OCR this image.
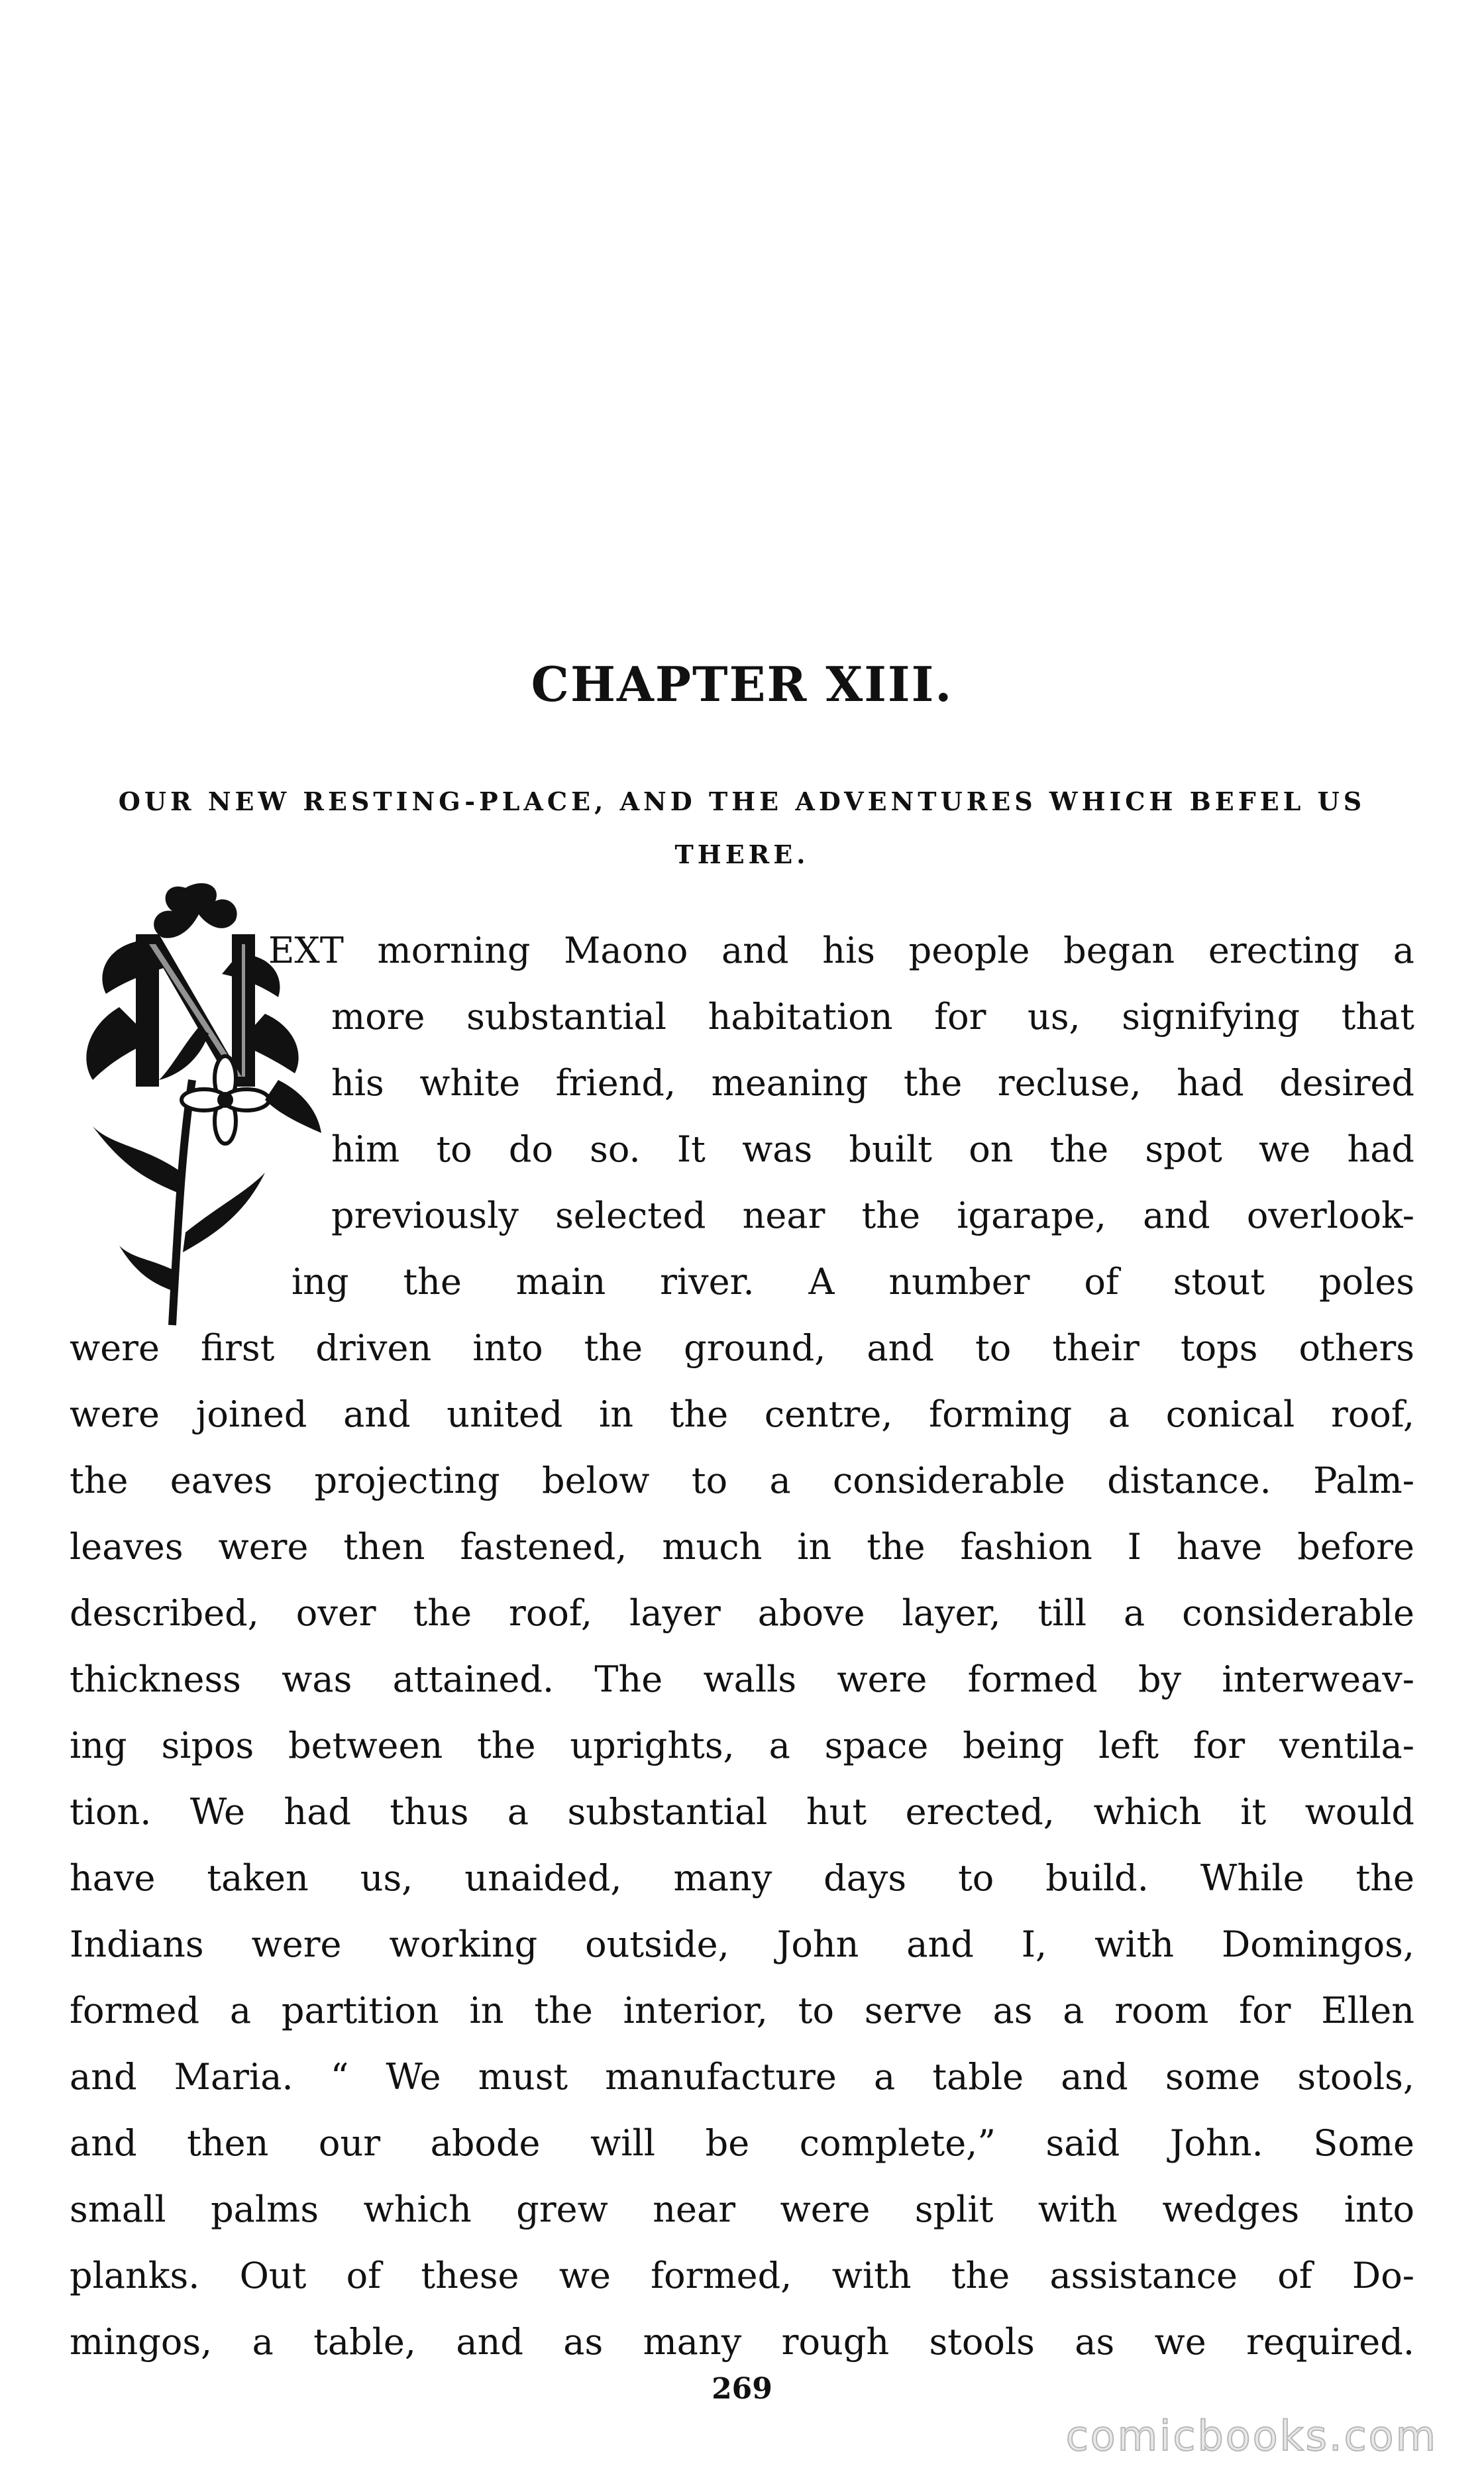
CHAPTER XIII.
OUR NEW RESTING-PLACE, AND THE ADVENTURES WHICH BEFEL US
THERE.
EXT morning Maono and his people began erecting a
more substantial habitation for us, signifying that
his white friend, meaning the recluse, had desired
him to do so. It was built on the spot we had
previously selected near the igarape, and overlook-
ing the main river. A number of stout poles
were first driven into the ground, and to their tops others
were joined and united in the centre, forming a conical roof,
the eaves projecting below to a considerable distance. Palm-
leaves were then fastened, much in the fashion I have before
described, over the roof, layer above layer, till a considerable
thickness was attained. The walls were formed by interweav-
ing sipos between the uprights, a space being left for ventila-
tion. We had thus a substantial hut erected, which it would
have taken us, unaided, many days to build. While the
Indians were working outside, John and I, with Domingos,
formed a partition in the interior, to serve as a room for Ellen
and Maria. “ We must manufacture a table and some stools,
and then our abode will be complete,” said John. Some
small palms which grew near were split with wedges into
planks. Out of these we formed, with the assistance of Do-
mingos, a table, and as many rough stools as we required.
269
comicbooks.com
